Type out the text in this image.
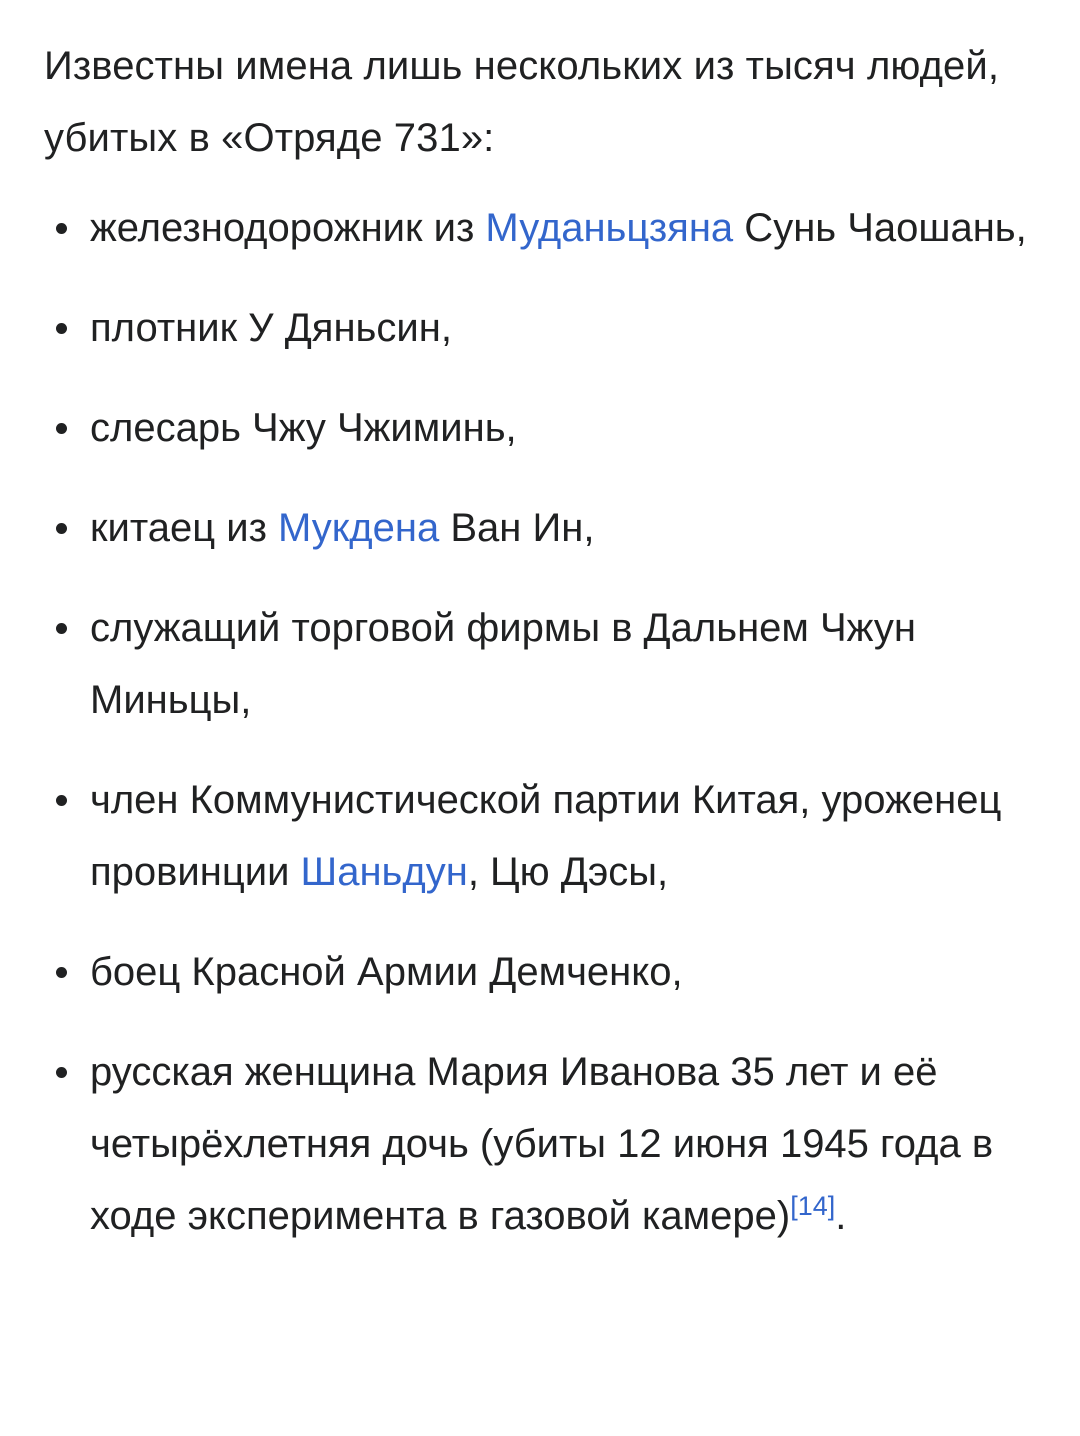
Известны имена лишь нескольких из тысяч людей, убитых в «Отряде 731»:

железнодорожник из Муданьцзяна Сунь Чаошань,
плотник У Дяньсин,
слесарь Чжу Чжиминь,
китаец из Мукдена Ван Ин,
служащий торговой фирмы в Дальнем Чжун Миньцы,
член Коммунистической партии Китая, уроженец провинции Шаньдун, Цю Дэсы,
боец Красной Армии Демченко,
русская женщина Мария Иванова 35 лет и её четырёхлетняя дочь (убиты 12 июня 1945 года в ходе эксперимента в газовой камере)[14].
